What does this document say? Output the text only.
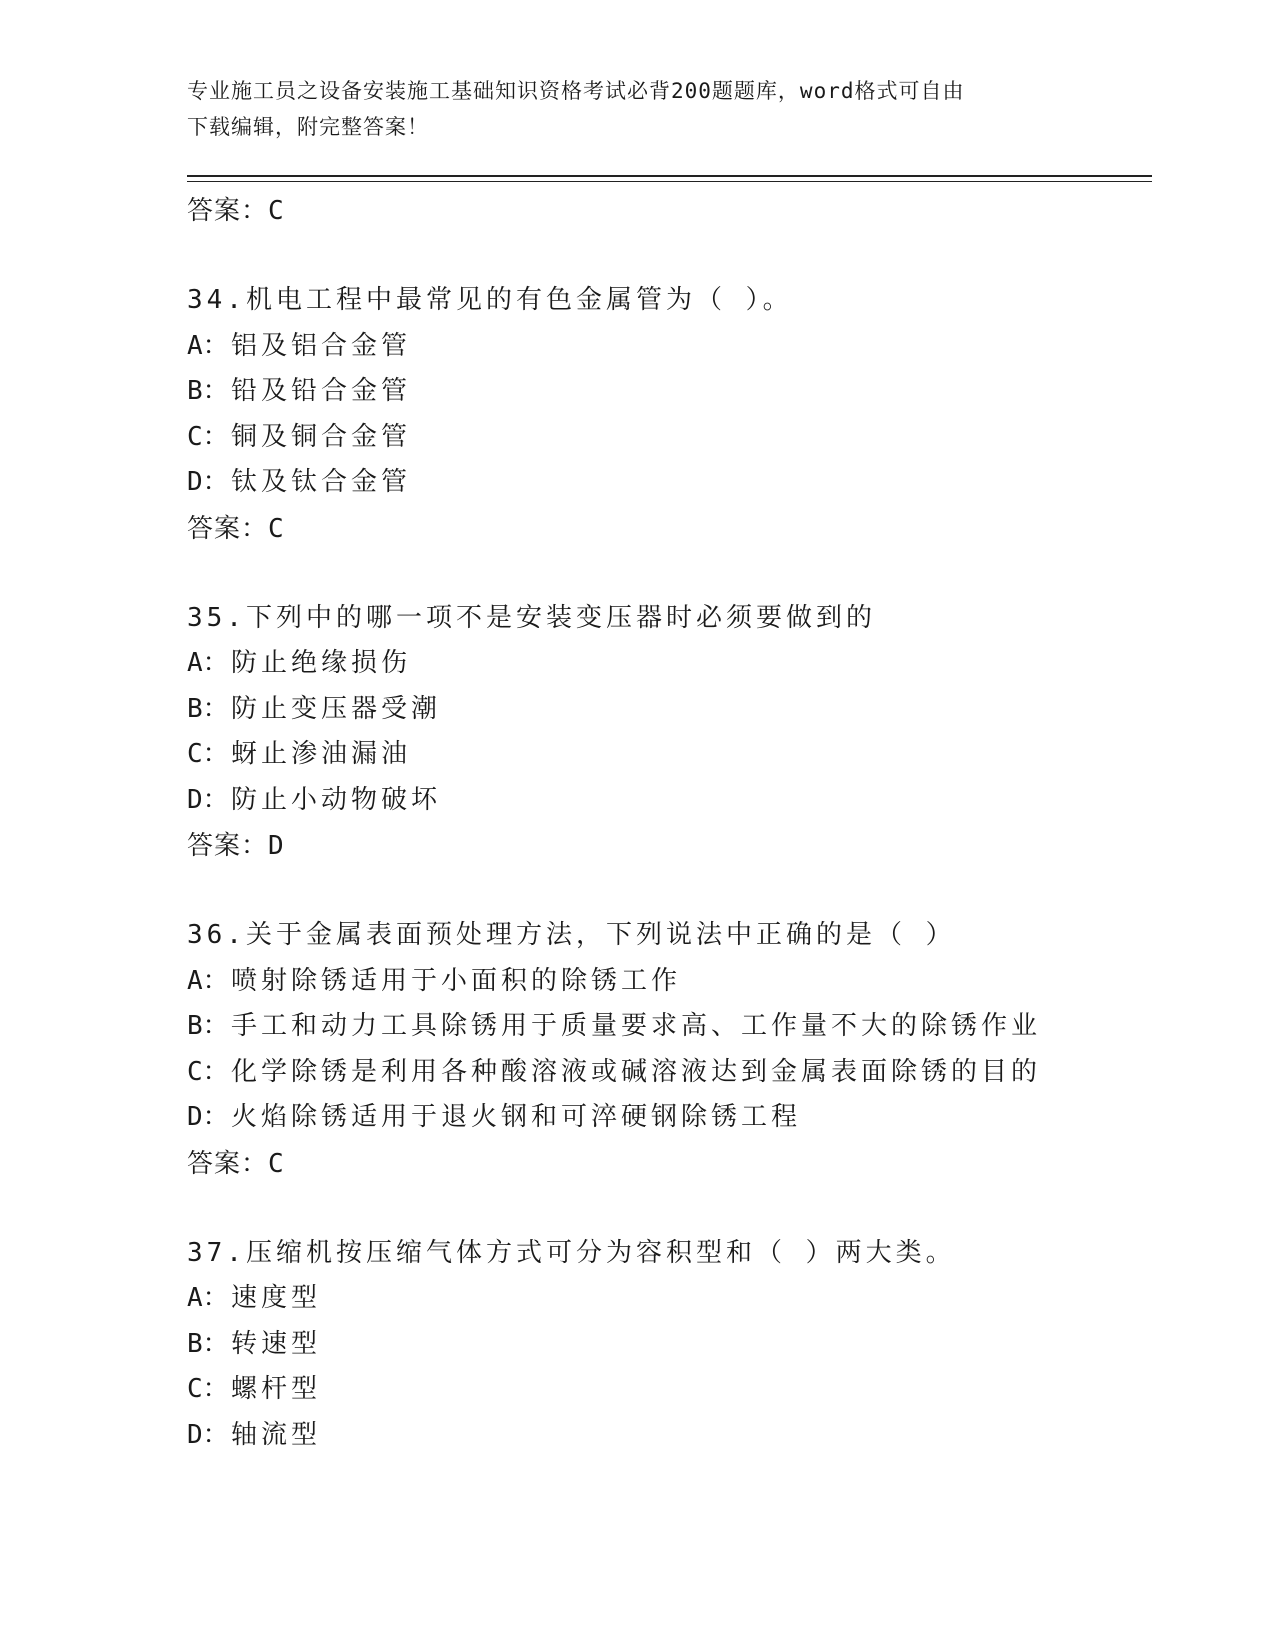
专业施工员之设备安装施工基础知识资格考试必背200题题库，word格式可自由
下载编辑，附完整答案！
答案：C
34.机电工程中最常见的有色金属管为（ ）。
A：铝及铝合金管
B：铅及铅合金管
C：铜及铜合金管
D：钛及钛合金管
答案：C
35.下列中的哪一项不是安装变压器时必须要做到的
A：防止绝缘损伤
B：防止变压器受潮
C：蚜止渗油漏油
D：防止小动物破坏
答案：D
36.关于金属表面预处理方法，下列说法中正确的是（ ）
A：喷射除锈适用于小面积的除锈工作
B：手工和动力工具除锈用于质量要求高、工作量不大的除锈作业
C：化学除锈是利用各种酸溶液或碱溶液达到金属表面除锈的目的
D：火焰除锈适用于退火钢和可淬硬钢除锈工程
答案：C
37.压缩机按压缩气体方式可分为容积型和（ ）两大类。
A：速度型
B：转速型
C：螺杆型
D：轴流型
